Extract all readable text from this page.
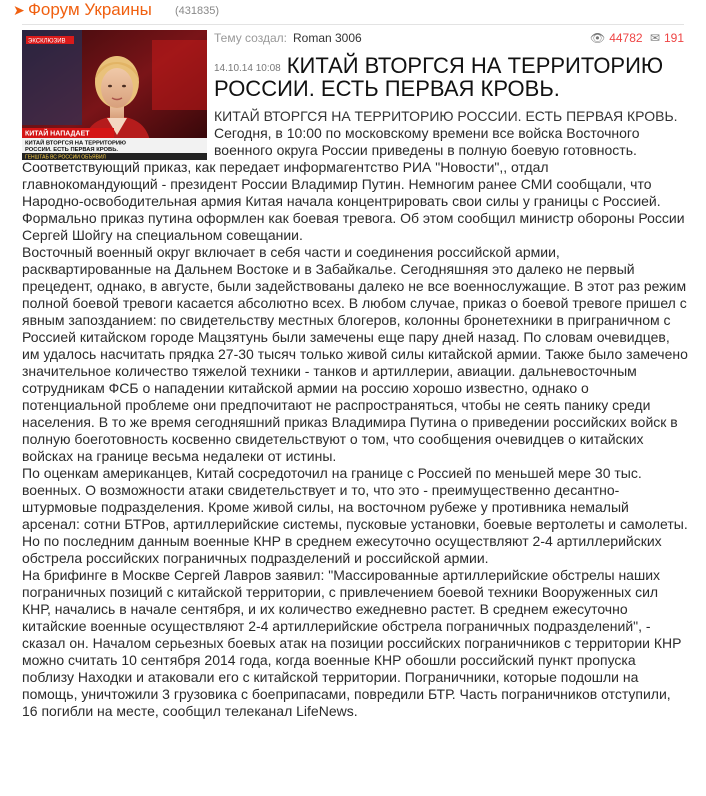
➤ Форум Украины (431835)
ЭКСКЛЮЗИВ
КИТАЙ НАПАДАЕТ
КИТАЙ ВТОРГСЯ НА ТЕРРИТОРИЮ
РОССИИ. ЕСТЬ ПЕРВАЯ КРОВЬ.
ГЕНШТАБ ВС РОССИИ ОБЪЯВИЛ
Тему создал: Roman 3006	👁 44782 ✉ 191
14.10.14 10:08 КИТАЙ ВТОРГСЯ НА ТЕРРИТОРИЮ РОССИИ. ЕСТЬ ПЕРВАЯ КРОВЬ.

КИТАЙ ВТОРГСЯ НА ТЕРРИТОРИЮ РОССИИ. ЕСТЬ ПЕРВАЯ КРОВЬ.

Сегодня, в 10:00 по московскому времени все войска Восточного военного округа России приведены в полную боевую готовность.

Соответствующий приказ, как передает информагентство РИА "Новости",, отдал главнокомандующий - президент России Владимир Путин. Немногим ранее СМИ сообщали, что Народно-освободительная армия Китая начала концентрировать свои силы у границы с Россией. Формально приказ путина оформлен как боевая тревога. Об этом сообщил министр обороны России Сергей Шойгу на специальном совещании.

Восточный военный округ включает в себя части и соединения российской армии, расквартированные на Дальнем Востоке и в Забайкалье. Сегодняшняя это далеко не первый прецедент, однако, в августе, были задействованы далеко не все военнослужащие. В этот раз режим полной боевой тревоги касается абсолютно всех. В любом случае, приказ о боевой тревоге пришел с явным запозданием: по свидетельству местных блогеров, колонны бронетехники в приграничном с Россией китайском городе Мацзятунь были замечены еще пару дней назад. По словам очевидцев, им удалось насчитать прядка 27-30 тысяч только живой силы китайской армии. Также было замечено значительное количество тяжелой техники - танков и артиллерии, авиации. дальневосточным сотрудникам ФСБ о нападении китайской армии на россию хорошо известно, однако о потенциальной проблеме они предпочитают не распространяться, чтобы не сеять панику среди населения. В то же время сегодняшний приказ Владимира Путина о приведении российских войск в полную боеготовность косвенно свидетельствуют о том, что сообщения очевидцев о китайских войсках на границе весьма недалеки от истины.

По оценкам американцев, Китай сосредоточил на границе с Россией по меньшей мере 30 тыс. военных. О возможности атаки свидетельствует и то, что это - преимущественно десантно-штурмовые подразделения. Кроме живой силы, на восточном рубеже у противника немалый арсенал: сотни БТРов, артиллерийские системы, пусковые установки, боевые вертолеты и самолеты.

Но по последним данным военные КНР в среднем ежесуточно осуществляют 2-4 артиллерийских обстрела российских пограничных подразделений и российской армии.

На брифинге в Москве Сергей Лавров заявил: "Массированные артиллерийские обстрелы наших пограничных позиций с китайской территории, с привлечением боевой техники Вооруженных сил КНР, начались в начале сентября, и их количество ежедневно растет. В среднем ежесуточно китайские военные осуществляют 2-4 артиллерийские обстрела пограничных подразделений", - сказал он. Началом серьезных боевых атак на позиции российских пограничников с территории КНР можно считать 10 сентября 2014 года, когда военные КНР обошли российский пункт пропуска поблизу Находки и атаковали его с китайской территории. Пограничники, которые подошли на помощь, уничтожили 3 грузовика с боеприпасами, повредили БТР. Часть пограничников отступили, 16 погибли на месте, сообщил телеканал LifeNews.
